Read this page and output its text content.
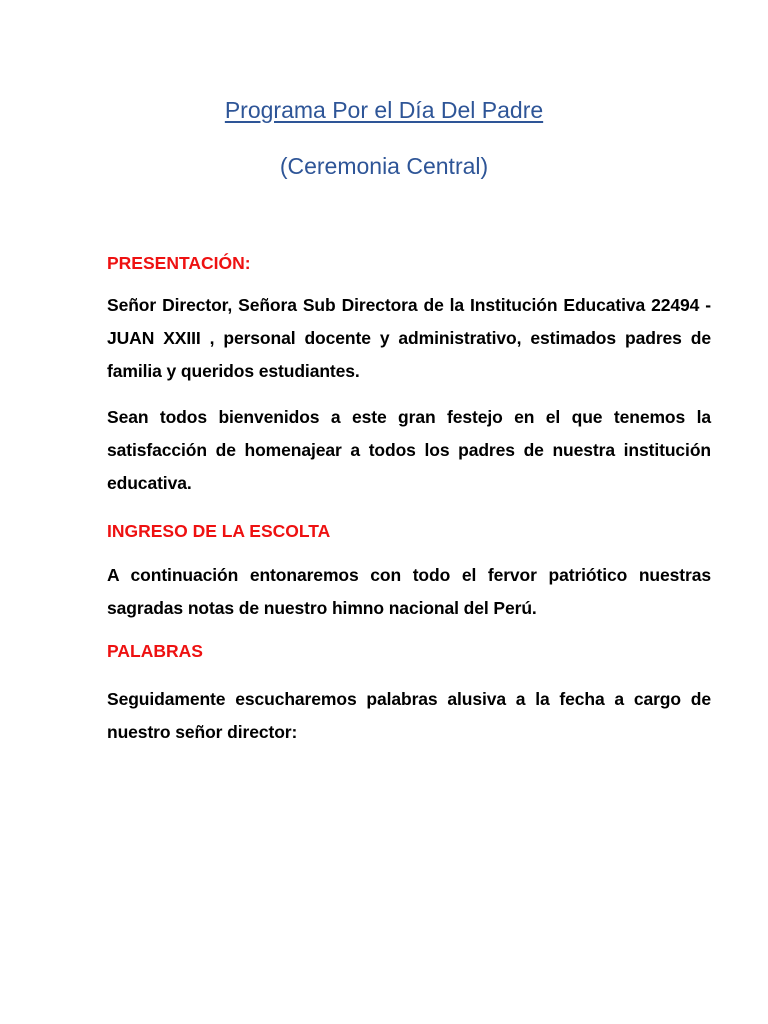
Programa Por el Día Del Padre
(Ceremonia Central)
PRESENTACIÓN:
Señor Director, Señora Sub Directora de la Institución Educativa 22494 - JUAN XXIII , personal docente y administrativo, estimados padres de familia y queridos estudiantes.
Sean todos bienvenidos a este gran festejo en el que tenemos la satisfacción de homenajear a todos los padres de nuestra institución educativa.
INGRESO DE LA ESCOLTA
A continuación entonaremos con todo el fervor patriótico nuestras sagradas notas de nuestro himno nacional del Perú.
PALABRAS
Seguidamente escucharemos palabras alusiva a la fecha a cargo de nuestro señor director:
